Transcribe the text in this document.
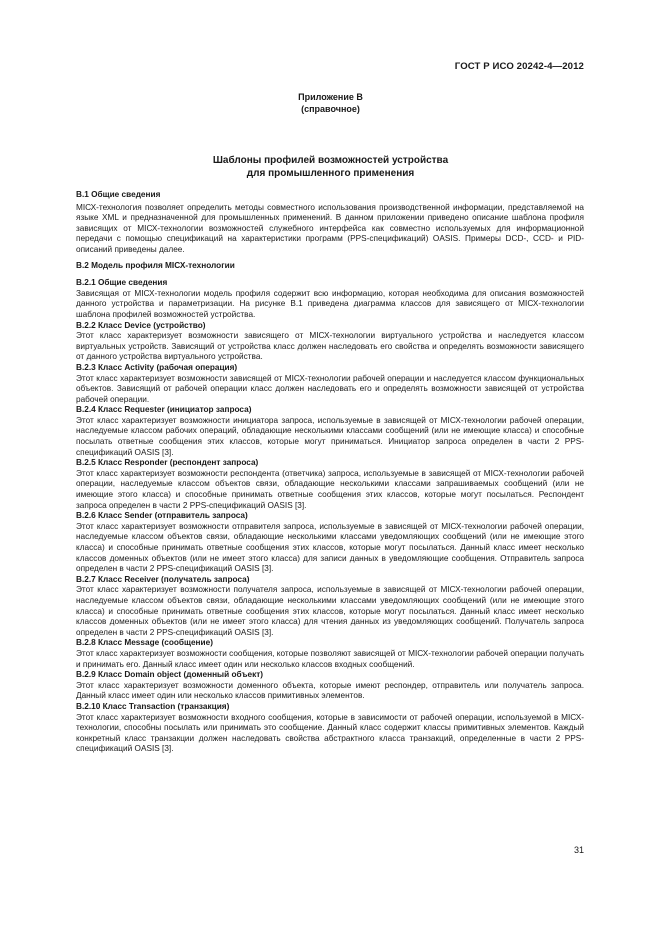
ГОСТ Р ИСО 20242-4—2012
Приложение В
(справочное)
Шаблоны профилей возможностей устройства
для промышленного применения
В.1 Общие сведения
МІСХ-технология позволяет определить методы совместного использования производственной информации, представляемой на языке XML и предназначенной для промышленных применений. В данном приложении приведено описание шаблона профиля зависящих от МІСХ-технологии возможностей служебного интерфейса как совместно используемых для информационной передачи с помощью спецификаций на характеристики программ (PPS-спецификаций) OASIS. Примеры DCD-, CCD- и PID-описаний приведены далее.
В.2 Модель профиля МІСХ-технологии
В.2.1 Общие сведения
Зависящая от МІСХ-технологии модель профиля содержит всю информацию, которая необходима для описания возможностей данного устройства и параметризации. На рисунке В.1 приведена диаграмма классов для зависящего от МІСХ-технологии шаблона профилей возможностей устройства.
В.2.2 Класс Device (устройство)
Этот класс характеризует возможности зависящего от МІСХ-технологии виртуального устройства и наследуется классом виртуальных устройств. Зависящий от устройства класс должен наследовать его свойства и определять возможности зависящего от данного устройства виртуального устройства.
В.2.3 Класс Activity (рабочая операция)
Этот класс характеризует возможности зависящей от МІСХ-технологии рабочей операции и наследуется классом функциональных объектов. Зависящий от рабочей операции класс должен наследовать его и определять возможности зависящей от устройства рабочей операции.
В.2.4 Класс Requester (инициатор запроса)
Этот класс характеризует возможности инициатора запроса, используемые в зависящей от МІСХ-технологии рабочей операции, наследуемые классом рабочих операций, обладающие несколькими классами сообщений (или не имеющие класса) и способные посылать ответные сообщения этих классов, которые могут приниматься. Инициатор запроса определен в части 2 PPS-спецификаций OASIS [3].
В.2.5 Класс Responder (респондент запроса)
Этот класс характеризует возможности респондента (ответчика) запроса, используемые в зависящей от МІСХ-технологии рабочей операции, наследуемые классом объектов связи, обладающие несколькими классами запрашиваемых сообщений (или не имеющие этого класса) и способные принимать ответные сообщения этих классов, которые могут посылаться. Респондент запроса определен в части 2 PPS-спецификаций OASIS [3].
В.2.6 Класс Sender (отправитель запроса)
Этот класс характеризует возможности отправителя запроса, используемые в зависящей от МІСХ-технологии рабочей операции, наследуемые классом объектов связи, обладающие несколькими классами уведомляющих сообщений (или не имеющие этого класса) и способные принимать ответные сообщения этих классов, которые могут посылаться. Данный класс имеет несколько классов доменных объектов (или не имеет этого класса) для записи данных в уведомляющие сообщения. Отправитель запроса определен в части 2 PPS-спецификаций OASIS [3].
В.2.7 Класс Receiver (получатель запроса)
Этот класс характеризует возможности получателя запроса, используемые в зависящей от МІСХ-технологии рабочей операции, наследуемые классом объектов связи, обладающие несколькими классами уведомляющих сообщений (или не имеющие этого класса) и способные принимать ответные сообщения этих классов, которые могут посылаться. Данный класс имеет несколько классов доменных объектов (или не имеет этого класса) для чтения данных из уведомляющих сообщений. Получатель запроса определен в части 2 PPS-спецификаций OASIS [3].
В.2.8 Класс Message (сообщение)
Этот класс характеризует возможности сообщения, которые позволяют зависящей от МІСХ-технологии рабочей операции получать и принимать его. Данный класс имеет один или несколько классов входных сообщений.
В.2.9 Класс Domain object (доменный объект)
Этот класс характеризует возможности доменного объекта, которые имеют респондер, отправитель или получатель запроса. Данный класс имеет один или несколько классов примитивных элементов.
В.2.10 Класс Transaction (транзакция)
Этот класс характеризует возможности входного сообщения, которые в зависимости от рабочей операции, используемой в МІСХ-технологии, способны посылать или принимать это сообщение. Данный класс содержит классы примитивных элементов. Каждый конкретный класс транзакции должен наследовать свойства абстрактного класса транзакций, определенные в части 2 PPS-спецификаций OASIS [3].
31
